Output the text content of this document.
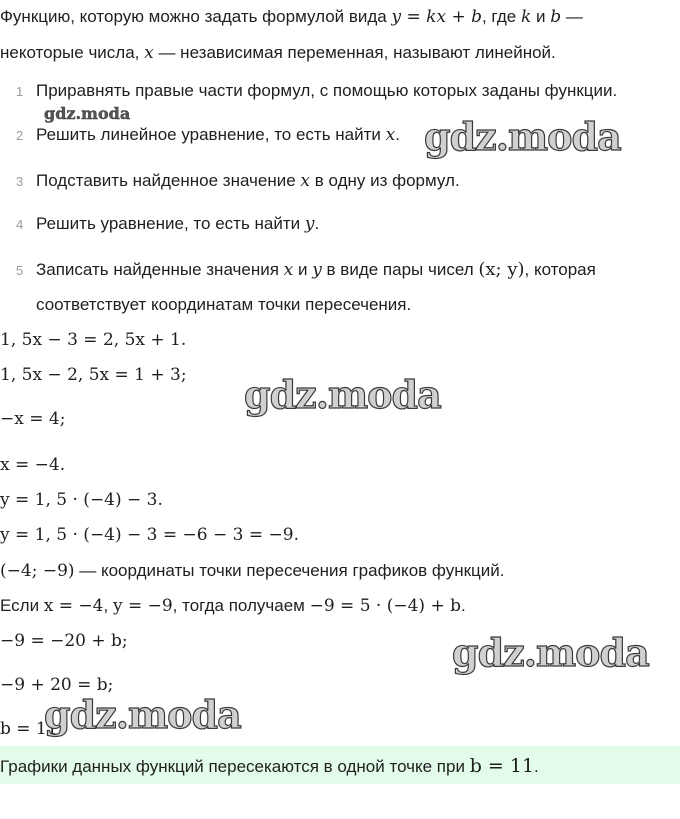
Функцию, которую можно задать формулой вида y = kx + b, где k и b —
некоторые числа, x — независимая переменная, называют линейной.
1 Приравнять правые части формул, с помощью которых заданы функции.
2 Решить линейное уравнение, то есть найти x.
3 Подставить найденное значение x в одну из формул.
4 Решить уравнение, то есть найти y.
5 Записать найденные значения x и y в виде пары чисел (x; y), которая
соответствует координатам точки пересечения.
1, 5x − 3 = 2, 5x + 1.
1, 5x − 2, 5x = 1 + 3;
−x = 4;
x = −4.
y = 1, 5 · (−4) − 3.
y = 1, 5 · (−4) − 3 = −6 − 3 = −9.
(−4; −9) — координаты точки пересечения графиков функций.
Если x = −4, y = −9, тогда получаем −9 = 5 · (−4) + b.
−9 = −20 + b;
−9 + 20 = b;
b = 11.
Графики данных функций пересекаются в одной точке при b = 11.
gdz.moda
gdz.moda
gdz.moda
gdz.moda
gdz.moda
